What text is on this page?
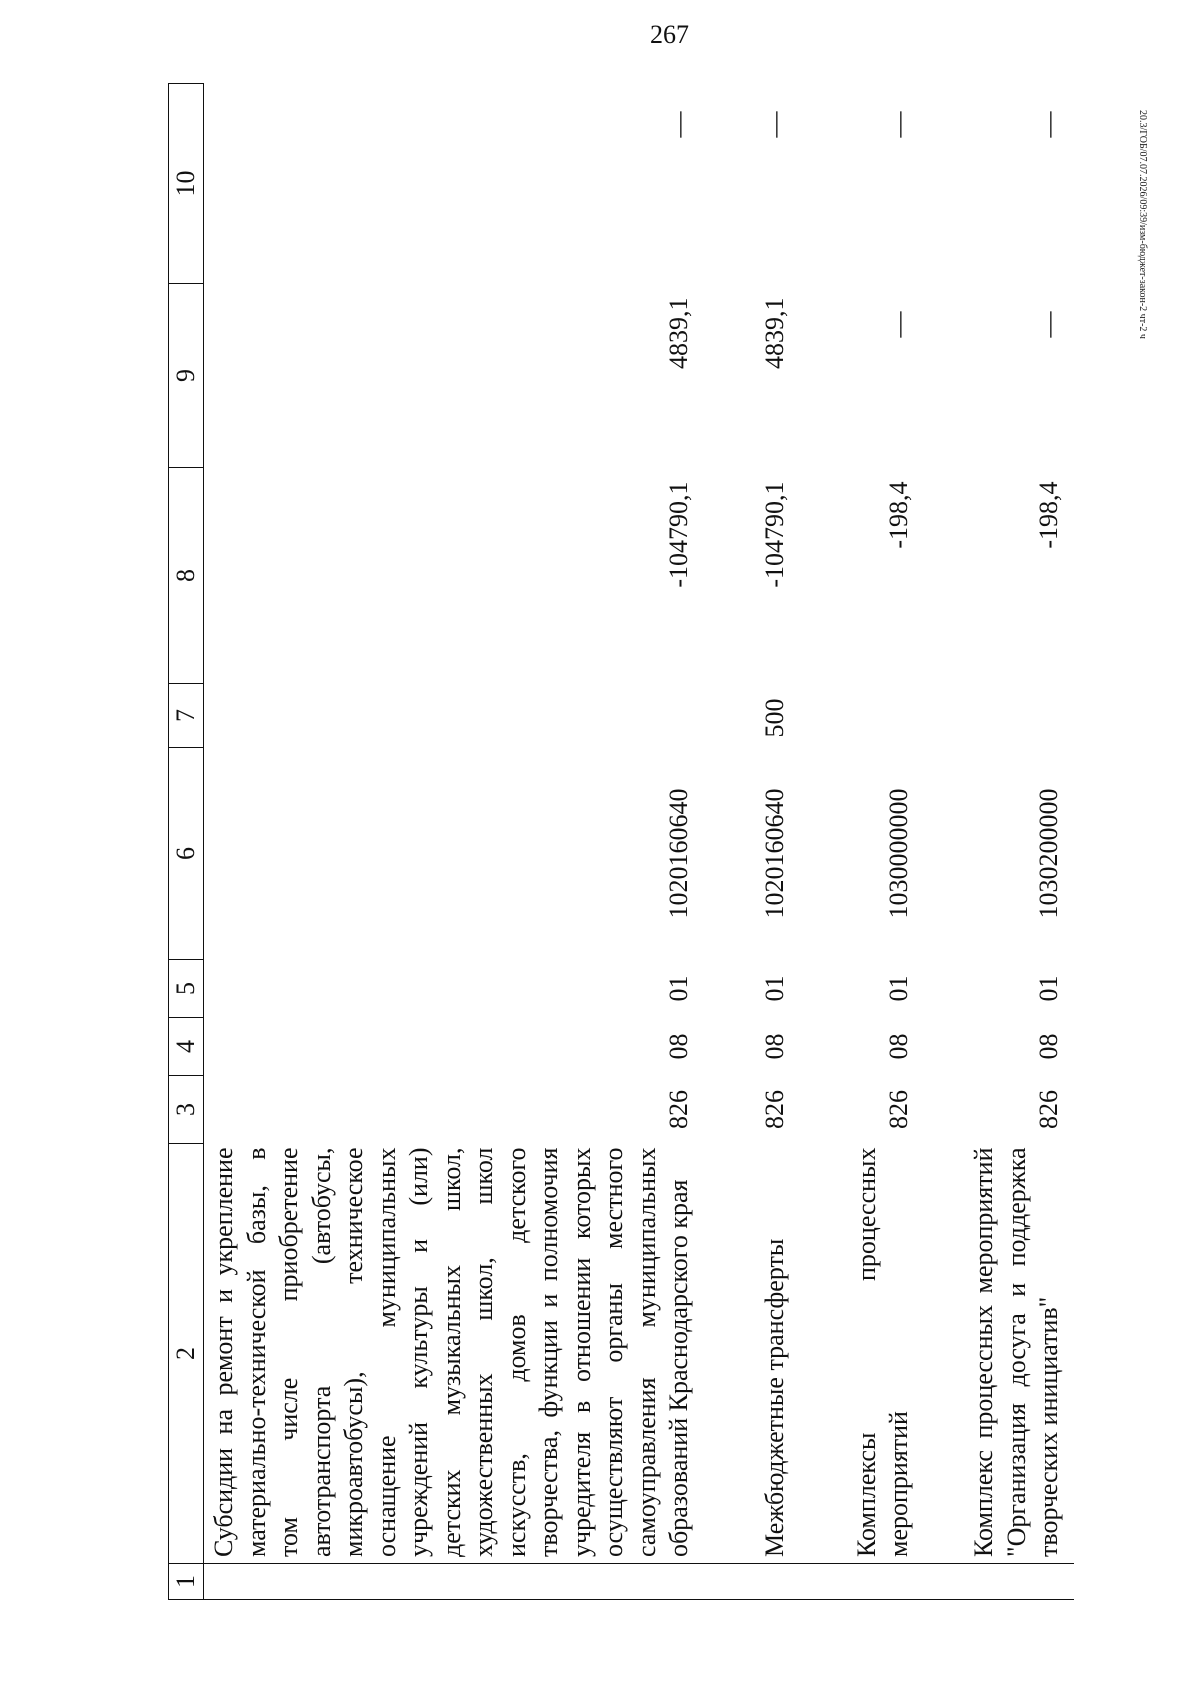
267
20.3/ГОБ/07.07.2026/09:39/изм-бюджет-закон-2 чт-2 ч
1	2	3	4	5	6	7	8	9	10
	Субсидии на ремонт и укрепление материально-технической базы, в том числе приобретение автотранспорта (автобусы, микроавтобусы), техническое оснащение муниципальных учреждений культуры и (или) детских музыкальных школ, художественных школ, школ искусств, домов детского творчества, функции и полномочия учредителя в отношении которых осуществляют органы местного самоуправления муниципальных образований Краснодарского края	826	08	01	1020160640		-104790,1	4839,1	—
	Межбюджетные трансферты	826	08	01	1020160640	500	-104790,1	4839,1	—
	Комплексы процессных мероприятий	826	08	01	1030000000		-198,4	—	—
	Комплекс процессных мероприятий "Организация досуга и поддержка творческих инициатив"	826	08	01	1030200000		-198,4	—	—
